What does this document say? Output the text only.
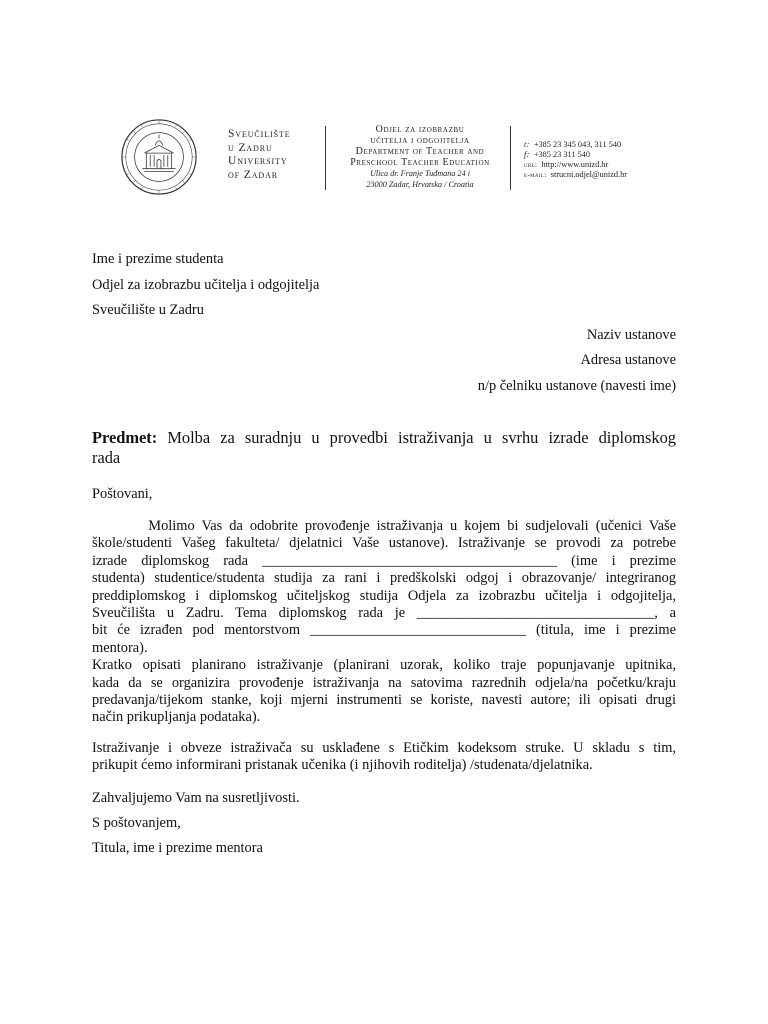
Sveučilište
u Zadru
University
of Zadar
Odjel za izobrazbu
učitelja i odgojitelja
Department of Teacher and
Preschool Teacher Education
Ulica dr. Franje Tuđmana 24 i
23000 Zadar, Hrvatska / Croatia
t: +385 23 345 043, 311 540
f: +385 23 311 540
url: http://www.unizd.hr
e-mail: strucni.odjel@unizd.hr
Ime i prezime studenta
Odjel za izobrazbu učitelja i odgojitelja
Sveučilište u Zadru
Naziv ustanove
Adresa ustanove
n/p čelniku ustanove (navesti ime)
Predmet: Molba za suradnju u provedbi istraživanja u svrhu izrade diplomskog
rada
Poštovani,
Molimo Vas da odobrite provođenje istraživanja u kojem bi sudjelovali (učenici Vaše
škole/studenti Vašeg fakulteta/ djelatnici Vaše ustanove). Istraživanje se provodi za potrebe
izrade diplomskog rada _________________________________________ (ime i prezime
studenta) studentice/studenta studija za rani i predškolski odgoj i obrazovanje/ integriranog
preddiplomskog i diplomskog učiteljskog studija Odjela za izobrazbu učitelja i odgojitelja,
Sveučilišta u Zadru. Tema diplomskog rada je _________________________________, a
bit će izrađen pod mentorstvom ______________________________ (titula, ime i prezime
mentora).
Kratko opisati planirano istraživanje (planirani uzorak, koliko traje popunjavanje upitnika,
kada da se organizira provođenje istraživanja na satovima razrednih odjela/na početku/kraju
predavanja/tijekom stanke, koji mjerni instrumenti se koriste, navesti autore; ili opisati drugi
način prikupljanja podataka).
Istraživanje i obveze istraživača su usklađene s Etičkim kodeksom struke. U skladu s tim,
prikupit ćemo informirani pristanak učenika (i njihovih roditelja) /studenata/djelatnika.
Zahvaljujemo Vam na susretljivosti.
S poštovanjem,
Titula, ime i prezime mentora
